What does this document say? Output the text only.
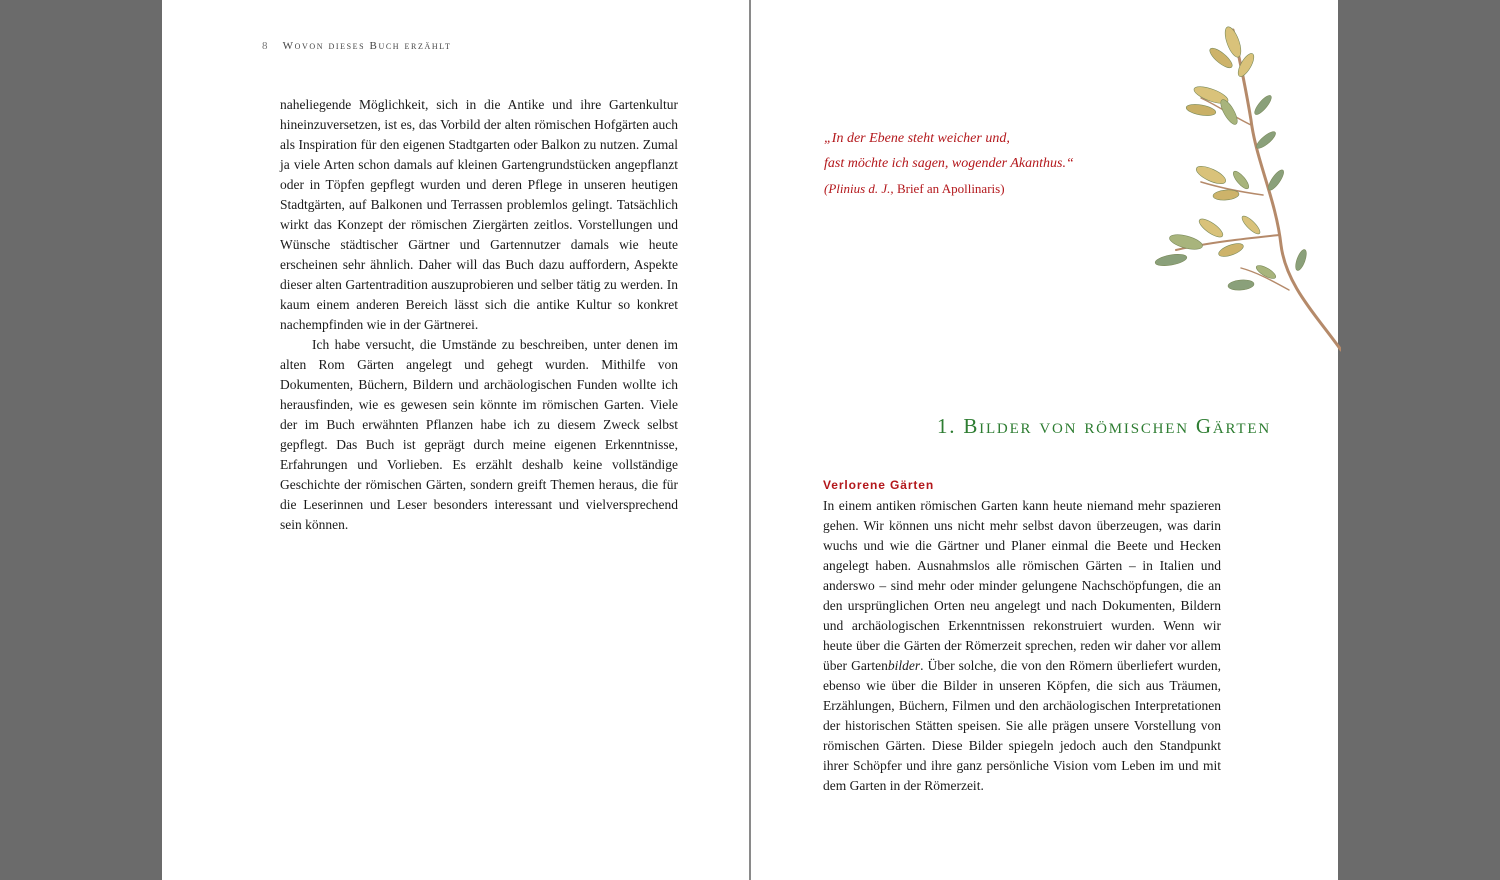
8 Wovon dieses Buch erzählt

naheliegende Möglichkeit, sich in die Antike und ihre Gartenkultur hineinzuversetzen, ist es, das Vorbild der alten römischen Hofgärten auch als Inspiration für den eigenen Stadtgarten oder Balkon zu nutzen. Zumal ja viele Arten schon damals auf kleinen Gartengrundstücken angepflanzt oder in Töpfen gepflegt wurden und deren Pflege in unseren heutigen Stadtgärten, auf Balkonen und Terrassen problemlos gelingt. Tatsächlich wirkt das Konzept der römischen Ziergärten zeitlos. Vorstellungen und Wünsche städtischer Gärtner und Gartennutzer damals wie heute erscheinen sehr ähnlich. Daher will das Buch dazu auffordern, Aspekte dieser alten Gartentradition auszuprobieren und selber tätig zu werden. In kaum einem anderen Bereich lässt sich die antike Kultur so konkret nachempfinden wie in der Gärtnerei.

Ich habe versucht, die Umstände zu beschreiben, unter denen im alten Rom Gärten angelegt und gehegt wurden. Mithilfe von Dokumenten, Büchern, Bildern und archäologischen Funden wollte ich herausfinden, wie es gewesen sein könnte im römischen Garten. Viele der im Buch erwähnten Pflanzen habe ich zu diesem Zweck selbst gepflegt. Das Buch ist geprägt durch meine eigenen Erkenntnisse, Erfahrungen und Vorlieben. Es erzählt deshalb keine vollständige Geschichte der römischen Gärten, sondern greift Themen heraus, die für die Leserinnen und Leser besonders interessant und vielversprechend sein können.

„In der Ebene steht weicher und,
fast möchte ich sagen, wogender Akanthus.“
(Plinius d. J., Brief an Apollinaris)
1. Bilder von römischen Gärten
Verlorene Gärten

In einem antiken römischen Garten kann heute niemand mehr spazieren gehen. Wir können uns nicht mehr selbst davon überzeugen, was darin wuchs und wie die Gärtner und Planer einmal die Beete und Hecken angelegt haben. Ausnahmslos alle römischen Gärten – in Italien und anderswo – sind mehr oder minder gelungene Nachschöpfungen, die an den ursprünglichen Orten neu angelegt und nach Dokumenten, Bildern und archäologischen Erkenntnissen rekonstruiert wurden. Wenn wir heute über die Gärten der Römerzeit sprechen, reden wir daher vor allem über Gartenbilder. Über solche, die von den Römern überliefert wurden, ebenso wie über die Bilder in unseren Köpfen, die sich aus Träumen, Erzählungen, Büchern, Filmen und den archäologischen Interpretationen der historischen Stätten speisen. Sie alle prägen unsere Vorstellung von römischen Gärten. Diese Bilder spiegeln jedoch auch den Standpunkt ihrer Schöpfer und ihre ganz persönliche Vision vom Leben im und mit dem Garten in der Römerzeit.
